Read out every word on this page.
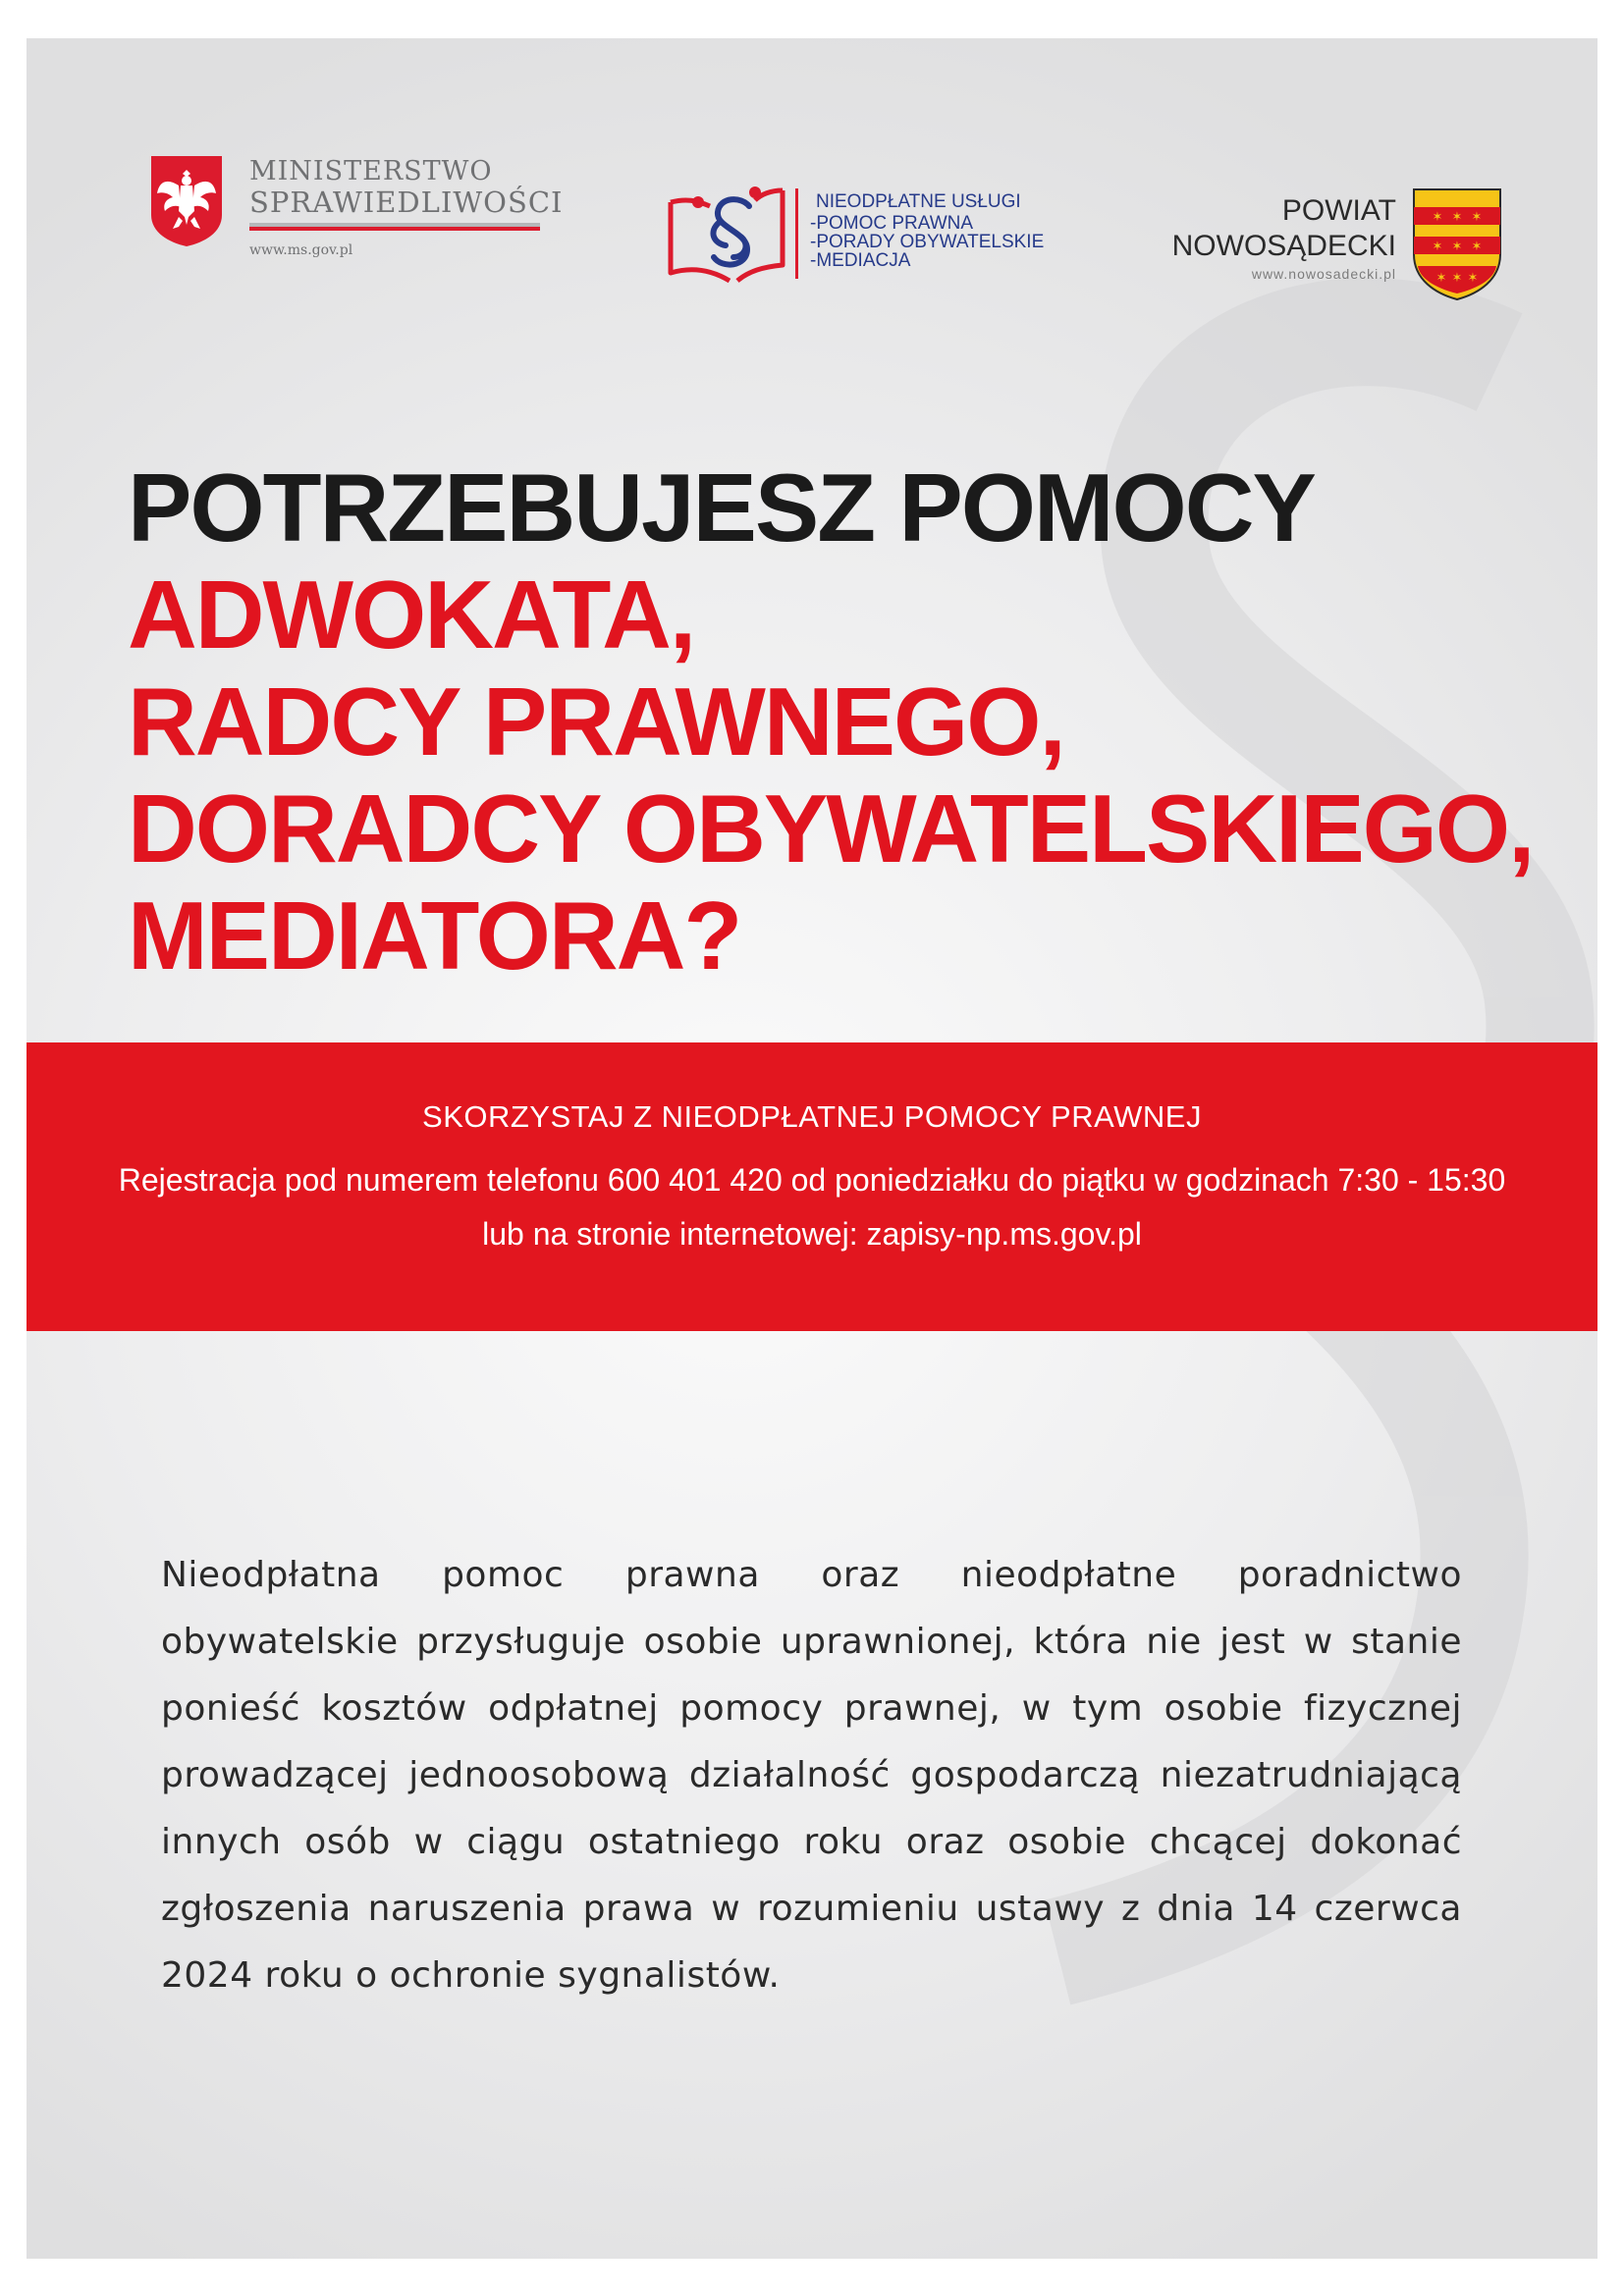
MINISTERSTWO
SPRAWIEDLIWOŚCI
www.ms.gov.pl
NIEODPŁATNE USŁUGI
-POMOC PRAWNA
-PORADY OBYWATELSKIE
-MEDIACJA
POWIAT
NOWOSĄDECKI
www.nowosadecki.pl
✶ ✶ ✶
✶ ✶ ✶
✶ ✶ ✶
POTRZEBUJESZ POMOCY
ADWOKATA,
RADCY PRAWNEGO,
DORADCY OBYWATELSKIEGO,
MEDIATORA?
SKORZYSTAJ Z NIEODPŁATNEJ POMOCY PRAWNEJ
Rejestracja pod numerem telefonu 600 401 420 od poniedziałku do piątku w godzinach 7:30 - 15:30
lub na stronie internetowej: zapisy-np.ms.gov.pl
Nieodpłatna pomoc prawna oraz nieodpłatne poradnictwo obywatelskie przysługuje osobie uprawnionej, która nie jest w stanie ponieść kosztów odpłatnej pomocy prawnej, w tym osobie fizycznej prowadzącej jednoosobową działalność gospodarczą niezatrudniającą innych osób w ciągu ostatniego roku oraz osobie chcącej dokonać zgłoszenia naruszenia prawa w rozumieniu ustawy z dnia 14 czerwca 2024 roku o ochronie sygnalistów.
